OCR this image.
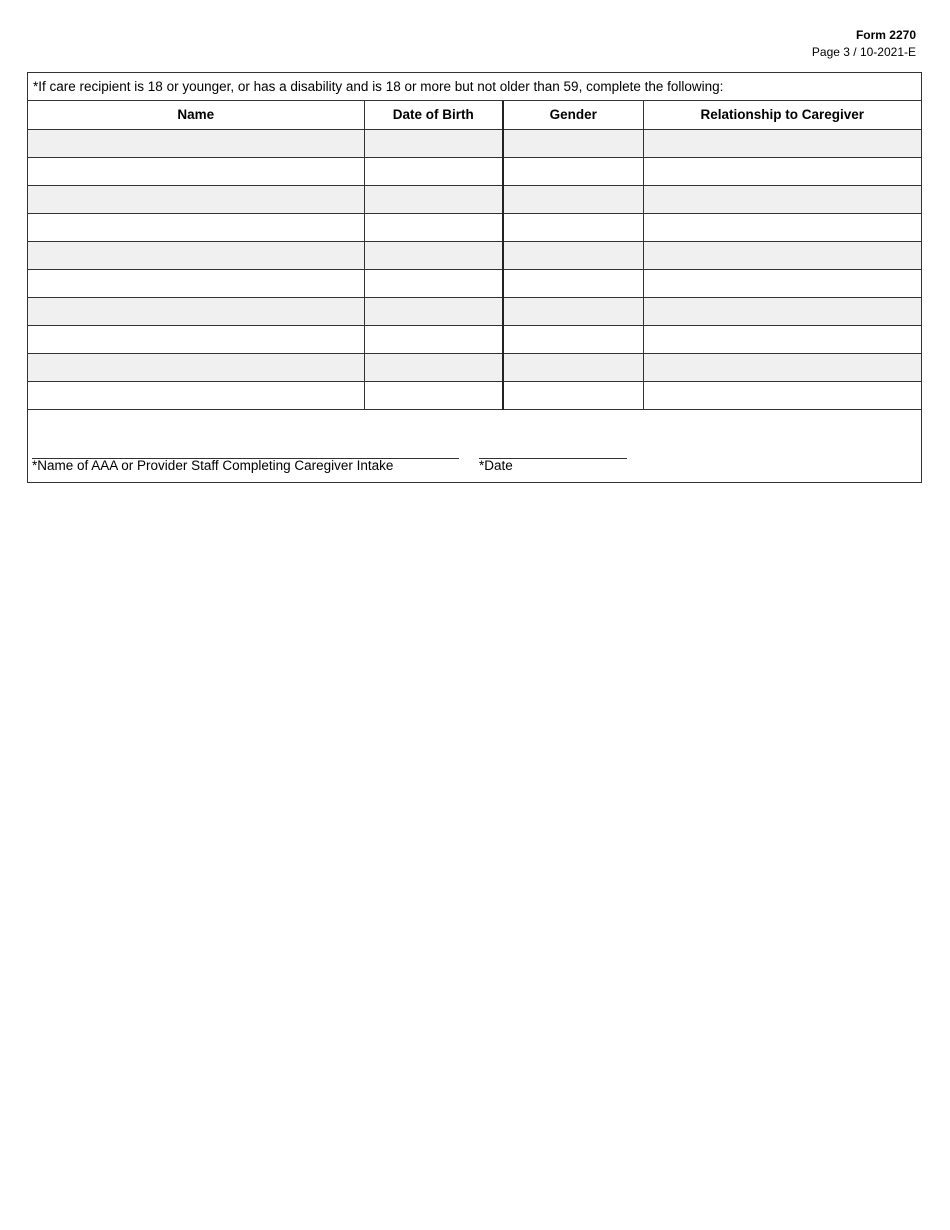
Form 2270
Page 3 / 10-2021-E
*If care recipient is 18 or younger, or has a disability and is 18 or more but not older than 59, complete the following:
Name	Date of Birth	Gender	Relationship to Caregiver

*Name of AAA or Provider Staff Completing Caregiver Intake	*Date
